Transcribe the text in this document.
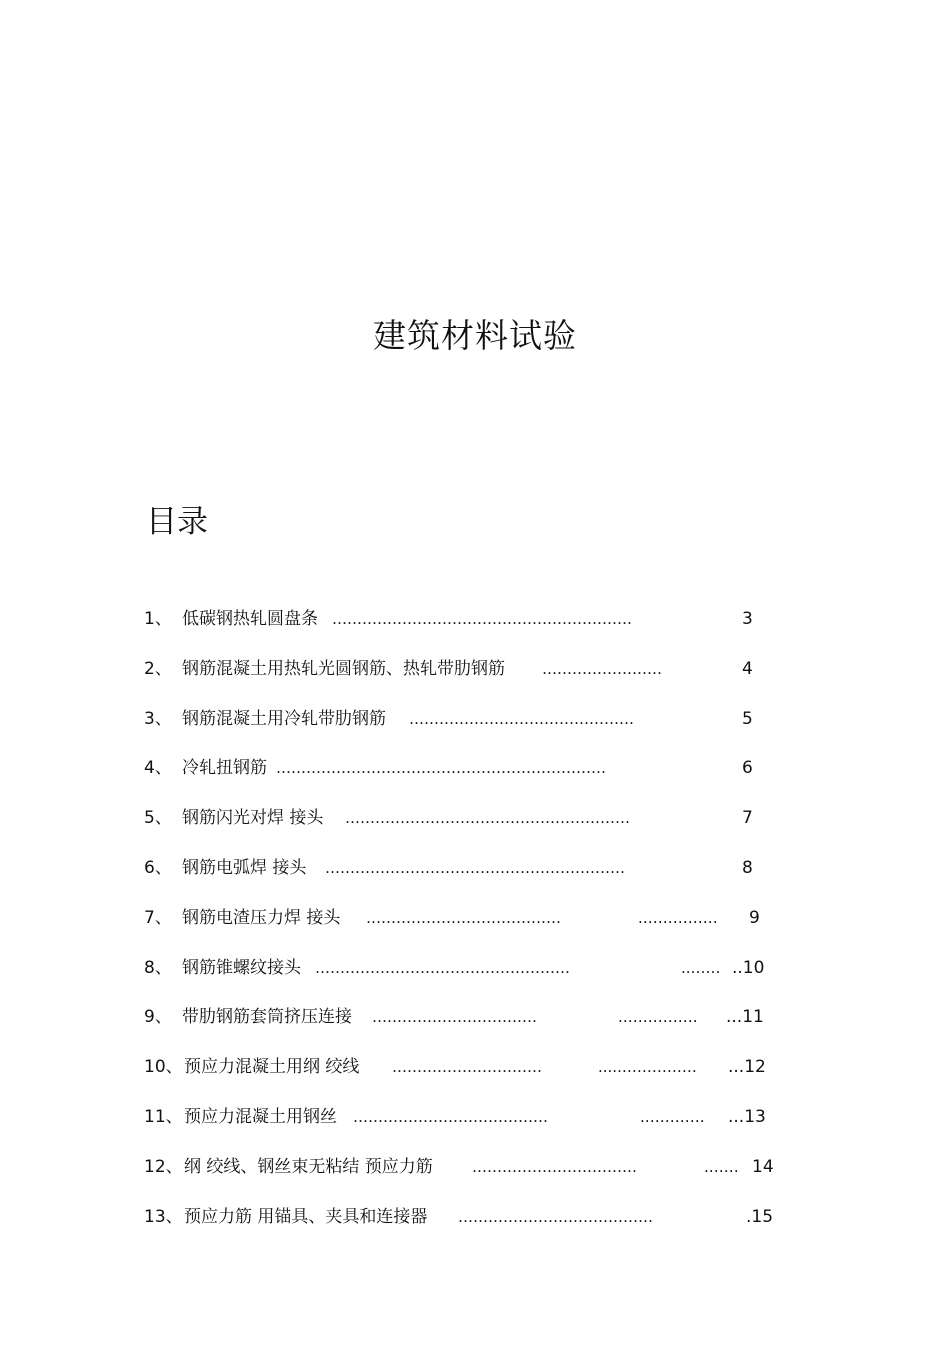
建筑材料试验
目录
1、 低碳钢热轧圆盘条 ……………………………………………………	3
2、 钢筋混凝土用热轧光圆钢筋、热轧带肋钢筋 ……………………	4
3、 钢筋混凝土用冷轧带肋钢筋 ………………………………………	5
4、 冷轧扭钢筋 …………………………………………………………	6
5、 钢筋闪光对焊 接头 …………………………………………………	7
6、 钢筋电弧焊 接头 ……………………………………………………	8
7、 钢筋电渣压力焊 接头 …………………………………	.……………	9
8、 钢筋锥螺纹接头 ……………………………………………	..…… ..10
9、 带肋钢筋套筒挤压连接 ……………………………	.……………	...11
10、 预应力混凝土用纲 绞线 …………………………	.....……………	...12
11、 预应力混凝土用钢丝 …………………………………	.…………	...13
12、 纲 绞线、钢丝束无粘结 预应力筋	……………………………	.…… 14
13、 预应力筋 用锚具、夹具和连接器 …………………………………	.15
